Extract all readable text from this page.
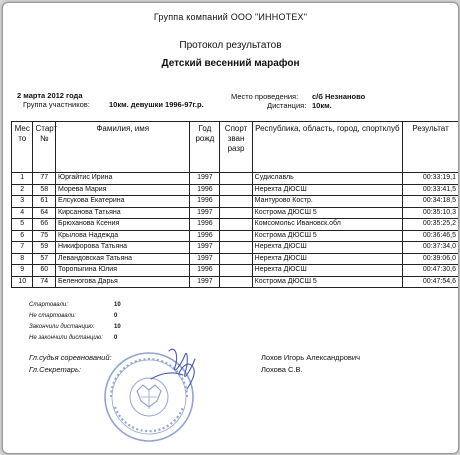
Группа компаний ООО "ИННОТЕХ"
Протокол результатов
Детский весенний марафон
2 марта 2012 года
Группа участников:	10км. девушки 1996-97г.р.
Место проведения: с/б Незнаново
Дистанция: 10км.
Мес то	Старт №	Фамилия, имя	Год рожд	Спорт зван разр	Республика, область, город, спортклуб	Результат
1	77	Юргайтис Ирина	1997		Судиславль	00:33:19,1
2	58	Морева Мария	1996		Нерехта ДЮСШ	00:33:41,5
3	61	Елсукова Екатерина	1996		Мантурово Костр.	00:34:18,5
4	64	Кирсанова Татьяна	1997		Кострома ДЮСШ 5	00:35:10,3
5	66	Брюханова Ксения	1996		Комсомольс Ивановск.обл	00:35:25,2
6	75	Крылова Надежда	1996		Кострома ДЮСШ 5	00:36:46,5
7	59	Никифорова Татьяна	1997		Нерехта ДЮСШ	00:37:34,0
8	57	Левандовская Татьяна	1997		Нерехта ДЮСШ	00:39:06,0
9	60	Торопыгина Юлия	1996		Нерехта ДЮСШ	00:47:30,6
10	74	Беленогова Дарья	1997		Кострома ДЮСШ 5	00:47:54,6
Стартовали:	10
Не стартовали:	0
Закончили дистанцию:	10
Не закончили дистанцию: 0
Гл.судья соревнований:	Лохов Игорь Александрович
Гл.Секретарь:	Лохова С.В.
